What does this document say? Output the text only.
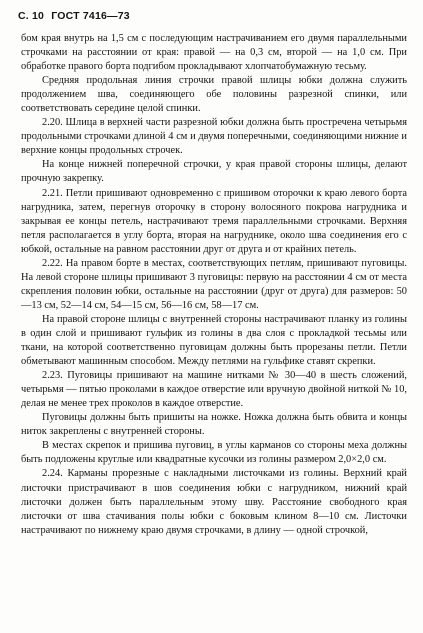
С. 10 ГОСТ 7416—73

бом края внутрь на 1,5 см с последующим настрачиванием его двумя параллельными строчками на расстоянии от края: правой — на 0,3 см, второй — на 1,0 см. При обработке правого борта подгибом прокладывают хлопчатобумажную тесьму.

Средняя продольная линия строчки правой шлицы юбки должна служить продолжением шва, соединяющего обе половины разрезной спинки, или соответствовать середине целой спинки.

2.20. Шлица в верхней части разрезной юбки должна быть простречена четырьмя продольными строчками длиной 4 см и двумя поперечными, соединяющими нижние и верхние концы продольных строчек.

На конце нижней поперечной строчки, у края правой стороны шлицы, делают прочную закрепку.

2.21. Петли пришивают одновременно с пришивом оторочки к краю левого борта нагрудника, затем, перегнув оторочку в сторону волосяного покрова нагрудника и закрывая ее концы петель, настрачивают тремя параллельными строчками. Верхняя петля располагается в углу борта, вторая на нагруднике, около шва соединения его с юбкой, остальные на равном расстоянии друг от друга и от крайних петель.

2.22. На правом борте в местах, соответствующих петлям, пришивают пуговицы. На левой стороне шлицы пришивают 3 пуговицы: первую на расстоянии 4 см от места скрепления половин юбки, остальные на расстоянии (друг от друга) для размеров: 50—13 см, 52—14 см, 54—15 см, 56—16 см, 58—17 см.

На правой стороне шлицы с внутренней стороны настрачивают планку из голины в один слой и пришивают гульфик из голины в два слоя с прокладкой тесьмы или ткани, на которой соответственно пуговицам должны быть прорезаны петли. Петли обметывают машинным способом. Между петлями на гульфике ставят скрепки.

2.23. Пуговицы пришивают на машине нитками № 30—40 в шесть сложений, четырьмя — пятью проколами в каждое отверстие или вручную двойной ниткой № 10, делая не менее трех проколов в каждое отверстие.

Пуговицы должны быть пришиты на ножке. Ножка должна быть обвита и концы ниток закреплены с внутренней стороны.

В местах скрепок и пришива пуговиц, в углы карманов со стороны меха должны быть подложены круглые или квадратные кусочки из голины размером 2,0×2,0 см.

2.24. Карманы прорезные с накладными листочками из голины. Верхний край листочки пристрачивают в шов соединения юбки с нагрудником, нижний край листочки должен быть параллельным этому шву. Расстояние свободного края листочки от шва стачивания полы юбки с боковым клином 8—10 см. Листочки настрачивают по нижнему краю двумя строчками, в длину — одной строчкой,
